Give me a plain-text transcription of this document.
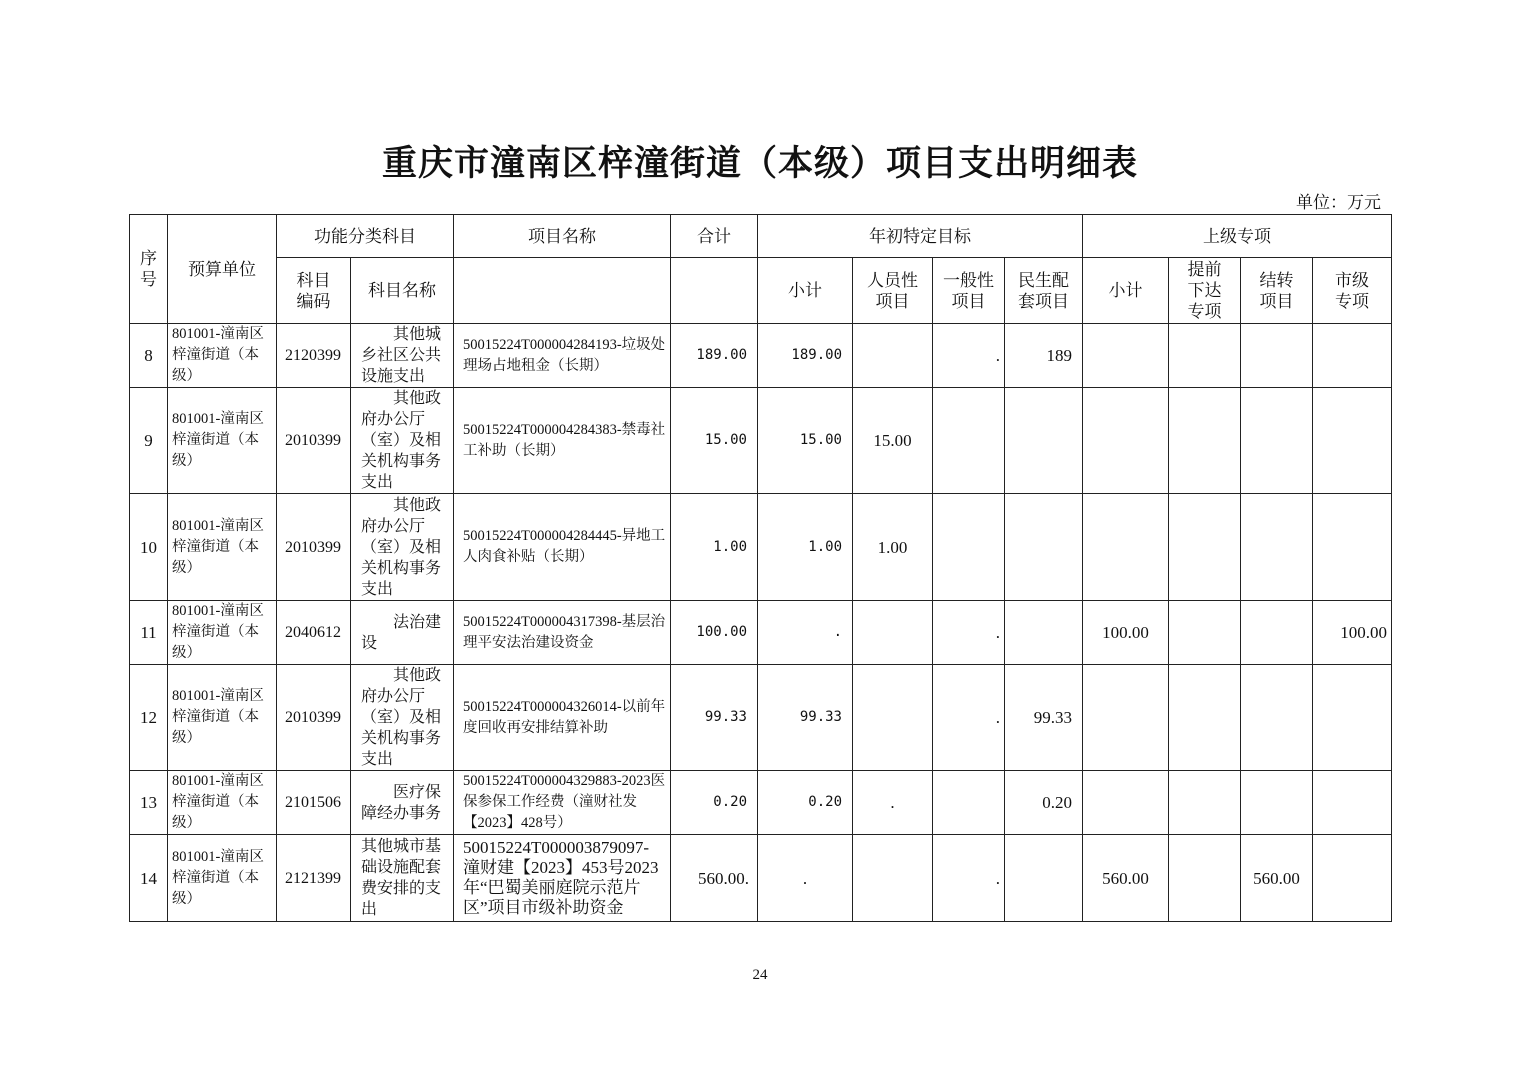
重庆市潼南区梓潼街道（本级）项目支出明细表
单位：万元
序号	预算单位	功能分类科目		项目名称	合计	年初特定目标				上级专项			
		科目编码	科目名称			小计	人员性项目	一般性项目	民生配套项目	小计	提前下达专项	结转项目	市级专项
8	801001-潼南区梓潼街道（本级）	2120399	其他城乡社区公共设施支出	50015224T000004284193-垃圾处理场占地租金（长期）	189.00	189.00		.	189				
9	801001-潼南区梓潼街道（本级）	2010399	其他政府办公厅（室）及相关机构事务支出	50015224T000004284383-禁毒社工补助（长期）	15.00	15.00	15.00						
10	801001-潼南区梓潼街道（本级）	2010399	其他政府办公厅（室）及相关机构事务支出	50015224T000004284445-异地工人肉食补贴（长期）	1.00	1.00	1.00						
11	801001-潼南区梓潼街道（本级）	2040612	法治建设	50015224T000004317398-基层治理平安法治建设资金	100.00	.		.		100.00			100.00
12	801001-潼南区梓潼街道（本级）	2010399	其他政府办公厅（室）及相关机构事务支出	50015224T000004326014-以前年度回收再安排结算补助	99.33	99.33		.	99.33				
13	801001-潼南区梓潼街道（本级）	2101506	医疗保障经办事务	50015224T000004329883-2023医保参保工作经费（潼财社发【2023】428号）	0.20	0.20	.		0.20				
14	801001-潼南区梓潼街道（本级）	2121399	其他城市基础设施配套费安排的支出	50015224T000003879097-潼财建【2023】453号2023年“巴蜀美丽庭院示范片区”项目市级补助资金	560.00.	.		.		560.00		560.00	
24
